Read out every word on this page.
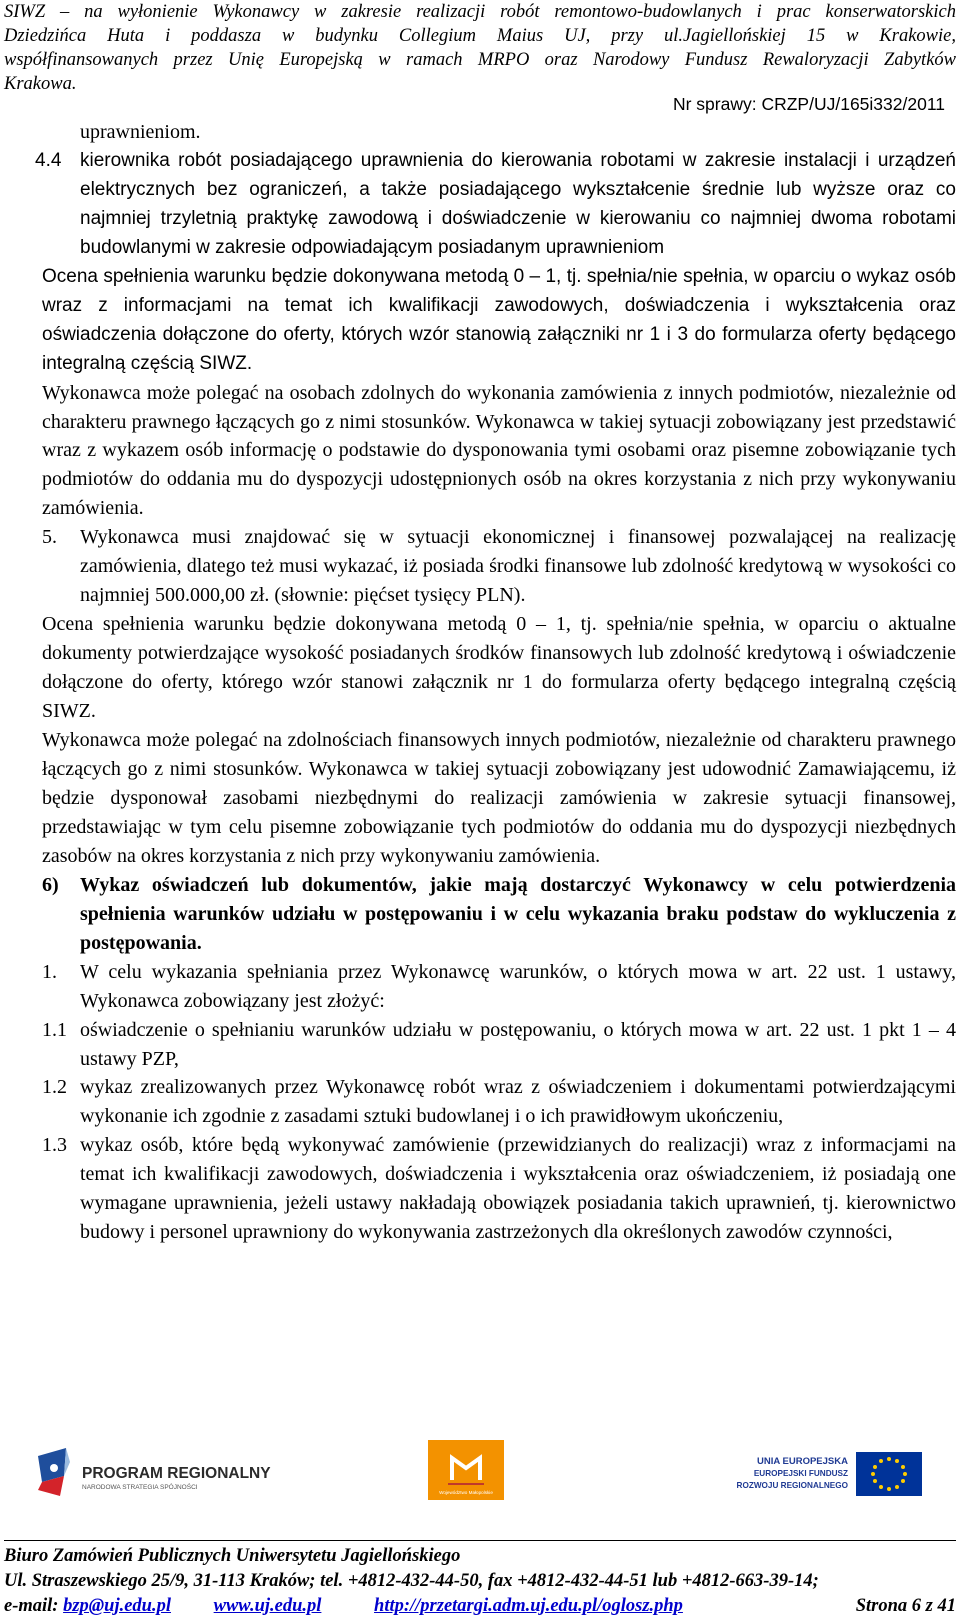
SIWZ – na wyłonienie Wykonawcy w zakresie realizacji robót remontowo-budowlanych i prac konserwatorskich
Dziedzińca Huta i poddasza w budynku Collegium Maius UJ, przy ul.Jagiellońskiej 15 w Krakowie,
współfinansowanych przez Unię Europejską w ramach MRPO oraz Narodowy Fundusz Rewaloryzacji Zabytków
Krakowa.
Nr sprawy: CRZP/UJ/165i332/2011

uprawnieniom.

4.4 kierownika robót posiadającego uprawnienia do kierowania robotami w zakresie instalacji i urządzeń elektrycznych bez ograniczeń, a także posiadającego wykształcenie średnie lub wyższe oraz co najmniej trzyletnią praktykę zawodową i doświadczenie w kierowaniu co najmniej dwoma robotami budowlanymi w zakresie odpowiadającym posiadanym uprawnieniom

Ocena spełnienia warunku będzie dokonywana metodą 0 – 1, tj. spełnia/nie spełnia, w oparciu o wykaz osób wraz z informacjami na temat ich kwalifikacji zawodowych, doświadczenia i wykształcenia oraz oświadczenia dołączone do oferty, których wzór stanowią załączniki nr 1 i 3 do formularza oferty będącego integralną częścią SIWZ.

Wykonawca może polegać na osobach zdolnych do wykonania zamówienia z innych podmiotów, niezależnie od charakteru prawnego łączących go z nimi stosunków. Wykonawca w takiej sytuacji zobowiązany jest przedstawić wraz z wykazem osób informację o podstawie do dysponowania tymi osobami oraz pisemne zobowiązanie tych podmiotów do oddania mu do dyspozycji udostępnionych osób na okres korzystania z nich przy wykonywaniu zamówienia.

5. Wykonawca musi znajdować się w sytuacji ekonomicznej i finansowej pozwalającej na realizację zamówienia, dlatego też musi wykazać, iż posiada środki finansowe lub zdolność kredytową w wysokości co najmniej 500.000,00 zł. (słownie: pięćset tysięcy PLN).

Ocena spełnienia warunku będzie dokonywana metodą 0 – 1, tj. spełnia/nie spełnia, w oparciu o aktualne dokumenty potwierdzające wysokość posiadanych środków finansowych lub zdolność kredytową i oświadczenie dołączone do oferty, którego wzór stanowi załącznik nr 1 do formularza oferty będącego integralną częścią SIWZ.

Wykonawca może polegać na zdolnościach finansowych innych podmiotów, niezależnie od charakteru prawnego łączących go z nimi stosunków. Wykonawca w takiej sytuacji zobowiązany jest udowodnić Zamawiającemu, iż będzie dysponował zasobami niezbędnymi do realizacji zamówienia w zakresie sytuacji finansowej, przedstawiając w tym celu pisemne zobowiązanie tych podmiotów do oddania mu do dyspozycji niezbędnych zasobów na okres korzystania z nich przy wykonywaniu zamówienia.

6) Wykaz oświadczeń lub dokumentów, jakie mają dostarczyć Wykonawcy w celu potwierdzenia spełnienia warunków udziału w postępowaniu i w celu wykazania braku podstaw do wykluczenia z postępowania.
1. W celu wykazania spełniania przez Wykonawcę warunków, o których mowa w art. 22 ust. 1 ustawy, Wykonawca zobowiązany jest złożyć:
1.1 oświadczenie o spełnianiu warunków udziału w postępowaniu, o których mowa w art. 22 ust. 1 pkt 1 – 4 ustawy PZP,
1.2 wykaz zrealizowanych przez Wykonawcę robót wraz z oświadczeniem i dokumentami potwierdzającymi wykonanie ich zgodnie z zasadami sztuki budowlanej i o ich prawidłowym ukończeniu,
1.3 wykaz osób, które będą wykonywać zamówienie (przewidzianych do realizacji) wraz z informacjami na temat ich kwalifikacji zawodowych, doświadczenia i wykształcenia oraz oświadczeniem, iż posiadają one wymagane uprawnienia, jeżeli ustawy nakładają obowiązek posiadania takich uprawnień, tj. kierownictwo budowy i personel uprawniony do wykonywania zastrzeżonych dla określonych zawodów czynności,
PROGRAM REGIONALNY
NARODOWA STRATEGIA SPÓJNOŚCI
Województwo Małopolskie
UNIA EUROPEJSKA
EUROPEJSKI FUNDUSZ
ROZWOJU REGIONALNEGO
Biuro Zamówień Publicznych Uniwersytetu Jagiellońskiego
Ul. Straszewskiego 25/9, 31-113 Kraków; tel. +4812-432-44-50, fax +4812-432-44-51 lub +4812-663-39-14;
e-mail: bzp@uj.edu.pl www.uj.edu.pl	http://przetargi.adm.uj.edu.pl/oglosz.php	Strona 6 z 41
